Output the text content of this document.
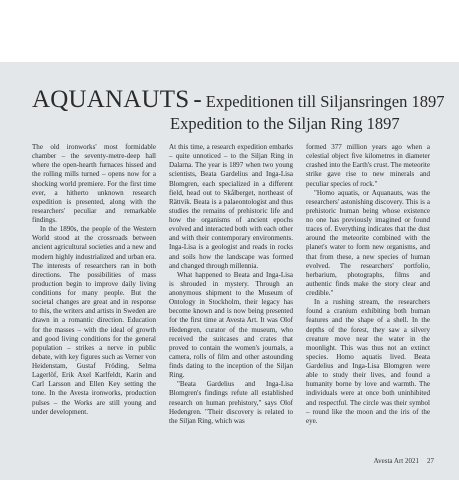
AQUANAUTS - Expeditionen till Siljansringen 1897
Expedition to the Siljan Ring 1897

The old ironworks' most formidable chamber – the seventy-metre-deep hall where the open-hearth furnaces hissed and the rolling mills turned – opens now for a shocking world premiere. For the first time ever, a hitherto unknown research expedition is presented, along with the researchers' peculiar and remarkable findings.

In the 1890s, the people of the Western World stood at the crossroads between ancient agricultural societies and a new and modern highly industrialized and urban era. The interests of researchers ran in both directions. The possibilities of mass production begin to improve daily living conditions for many people. But the societal changes are great and in response to this, the writers and artists in Sweden are drawn in a romantic direction. Education for the masses – with the ideal of growth and good living conditions for the general population – strikes a nerve in public debate, with key figures such as Verner von Heidenstam, Gustaf Fröding, Selma Lagerlöf, Erik Axel Karlfeldt, Karin and Carl Larsson and Ellen Key setting the tone. In the Avesta ironworks, production pulses – the Works are still young and under development.

At this time, a research expedition embarks – quite unnoticed – to the Siljan Ring in Dalarna. The year is 1897 when two young scientists, Beata Gardelius and Inga-Lisa Blomgren, each specialized in a different field, head out to Skålberget, northeast of Rättvik. Beata is a palaeontologist and thus studies the remains of prehistoric life and how the organisms of ancient epochs evolved and interacted both with each other and with their contemporary environments. Inga-Lisa is a geologist and reads in rocks and soils how the landscape was formed and changed through millennia.

What happened to Beata and Inga-Lisa is shrouded in mystery. Through an anonymous shipment to the Museum of Ontology in Stockholm, their legacy has become known and is now being presented for the first time at Avesta Art. It was Olof Hedengren, curator of the museum, who received the suitcases and crates that proved to contain the women's journals, a camera, rolls of film and other astounding finds dating to the inception of the Siljan Ring.

"Beata Gardelius and Inga-Lisa Blomgren's findings refute all established research on human prehistory," says Olof Hedengren. "Their discovery is related to the Siljan Ring, which was

formed 377 million years ago when a celestial object five kilometres in diameter crashed into the Earth's crust. The meteorite strike gave rise to new minerals and peculiar species of rock."

"Homo aquatis, or Aquanauts, was the researchers' astonishing discovery. This is a prehistoric human being whose existence no one has previously imagined or found traces of. Everything indicates that the dust around the meteorite combined with the planet's water to form new organisms, and that from these, a new species of human evolved. The researchers' portfolio, herbarium, photographs, films and authentic finds make the story clear and credible."

In a rushing stream, the researchers found a cranium exhibiting both human features and the shape of a shell. In the depths of the forest, they saw a silvery creature move near the water in the moonlight. This was thus not an extinct species. Homo aquatis lived. Beata Gardelius and Inga-Lisa Blomgren were able to study their lives, and found a humanity borne by love and warmth. The individuals were at once both uninhibited and respectful. The circle was their symbol – round like the moon and the iris of the eye.

Avesta Art 2021 27
